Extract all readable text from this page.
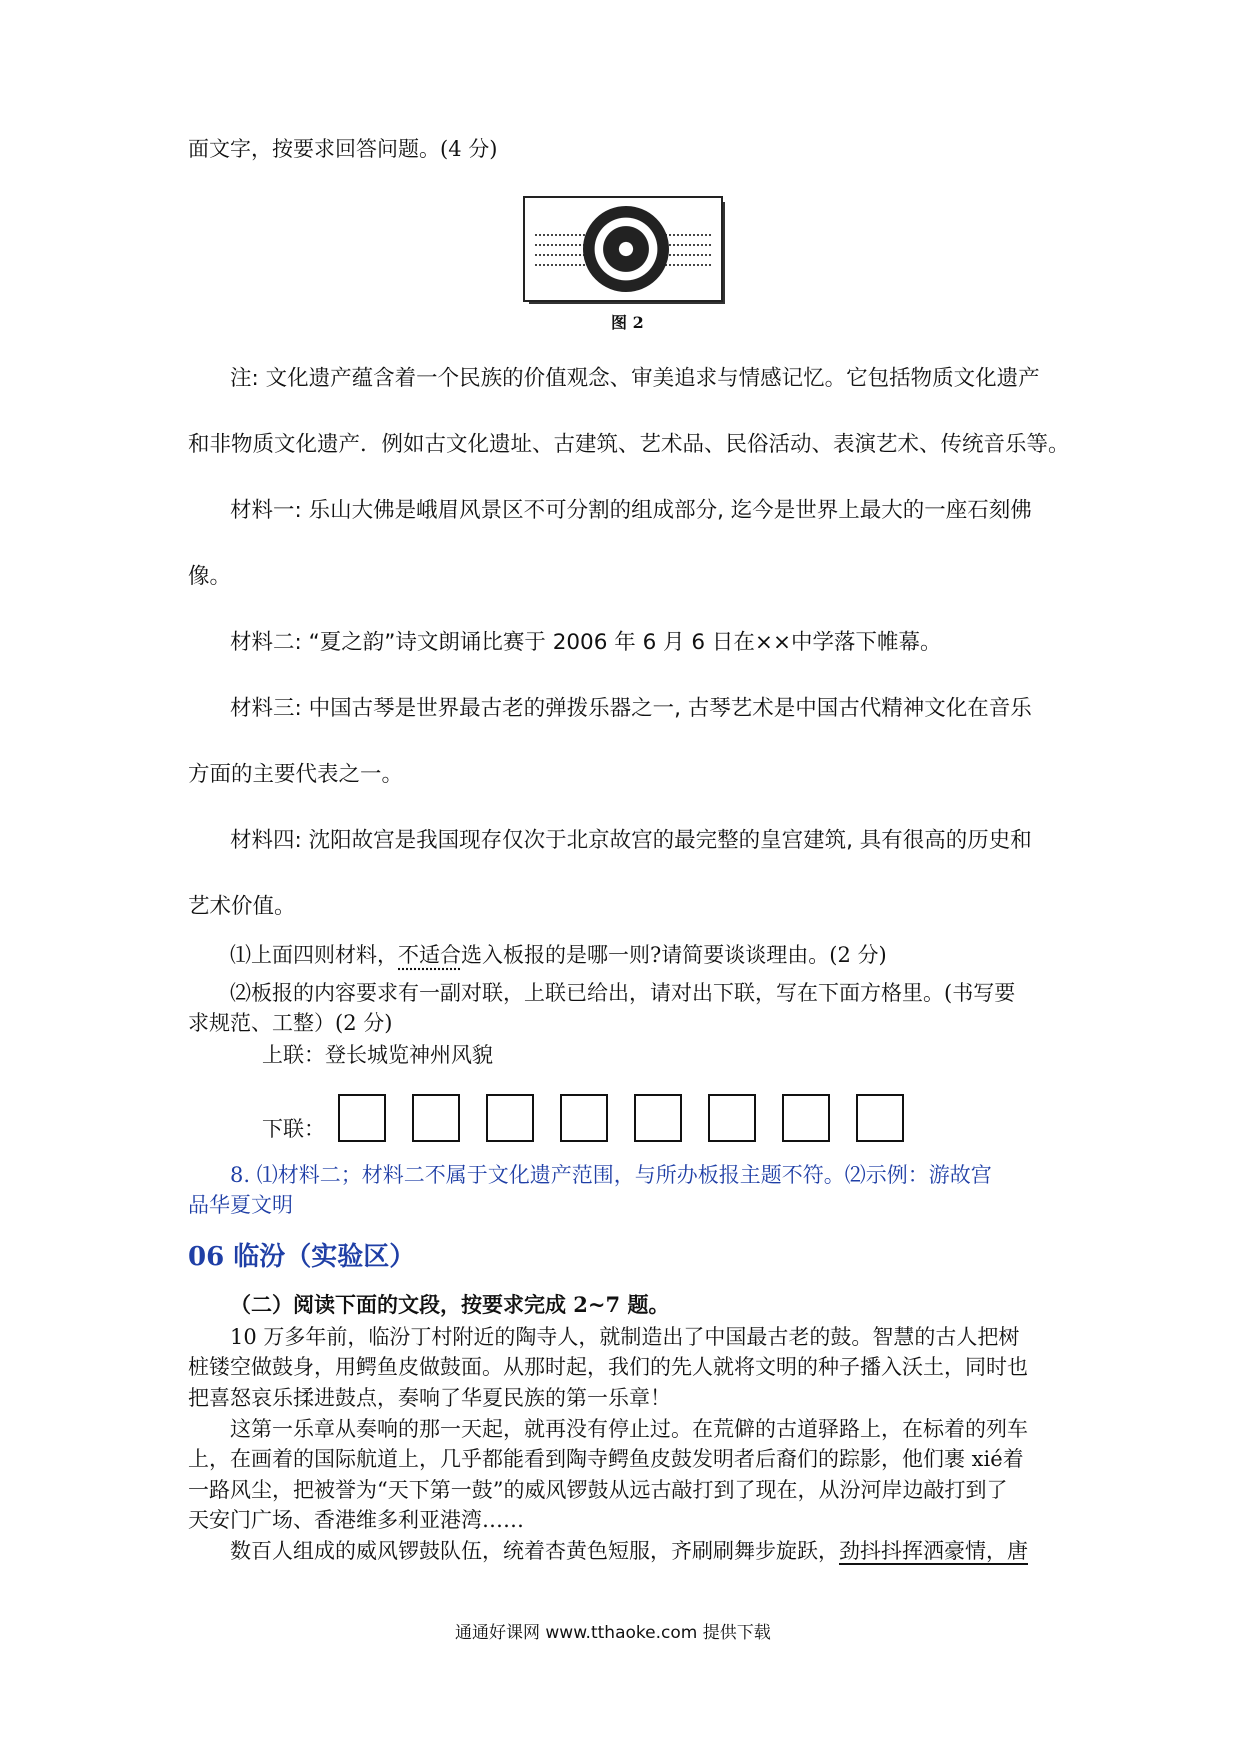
面文字，按要求回答问题。(4 分)
图 2
注: 文化遗产蕴含着一个民族的价值观念、审美追求与情感记忆。它包括物质文化遗产
和非物质文化遗产．例如古文化遗址、古建筑、艺术品、民俗活动、表演艺术、传统音乐等。
材料一: 乐山大佛是峨眉风景区不可分割的组成部分, 迄今是世界上最大的一座石刻佛
像。
材料二: “夏之韵”诗文朗诵比赛于 2006 年 6 月 6 日在××中学落下帷幕。
材料三: 中国古琴是世界最古老的弹拨乐器之一, 古琴艺术是中国古代精神文化在音乐
方面的主要代表之一。
材料四: 沈阳故宫是我国现存仅次于北京故宫的最完整的皇宫建筑, 具有很高的历史和
艺术价值。
⑴上面四则材料，不适合选入板报的是哪一则?请简要谈谈理由。(2 分)
⑵板报的内容要求有一副对联，上联已给出，请对出下联，写在下面方格里。(书写要
求规范、工整）(2 分)
上联：登长城览神州风貌
下联：
8. ⑴材料二；材料二不属于文化遗产范围，与所办板报主题不符。⑵示例：游故宫
品华夏文明
06 临汾（实验区）
（二）阅读下面的文段，按要求完成 2~7 题。
10 万多年前，临汾丁村附近的陶寺人，就制造出了中国最古老的鼓。智慧的古人把树
桩镂空做鼓身，用鳄鱼皮做鼓面。从那时起，我们的先人就将文明的种子播入沃土，同时也
把喜怒哀乐揉进鼓点，奏响了华夏民族的第一乐章！
这第一乐章从奏响的那一天起，就再没有停止过。在荒僻的古道驿路上，在标着的列车
上，在画着的国际航道上，几乎都能看到陶寺鳄鱼皮鼓发明者后裔们的踪影，他们裹 xié着
一路风尘，把被誉为“天下第一鼓”的威风锣鼓从远古敲打到了现在，从汾河岸边敲打到了
天安门广场、香港维多利亚港湾……
数百人组成的威风锣鼓队伍，统着杏黄色短服，齐刷刷舞步旋跃，劲抖抖挥洒豪情，唐
通通好课网 www.tthaoke.com 提供下载
